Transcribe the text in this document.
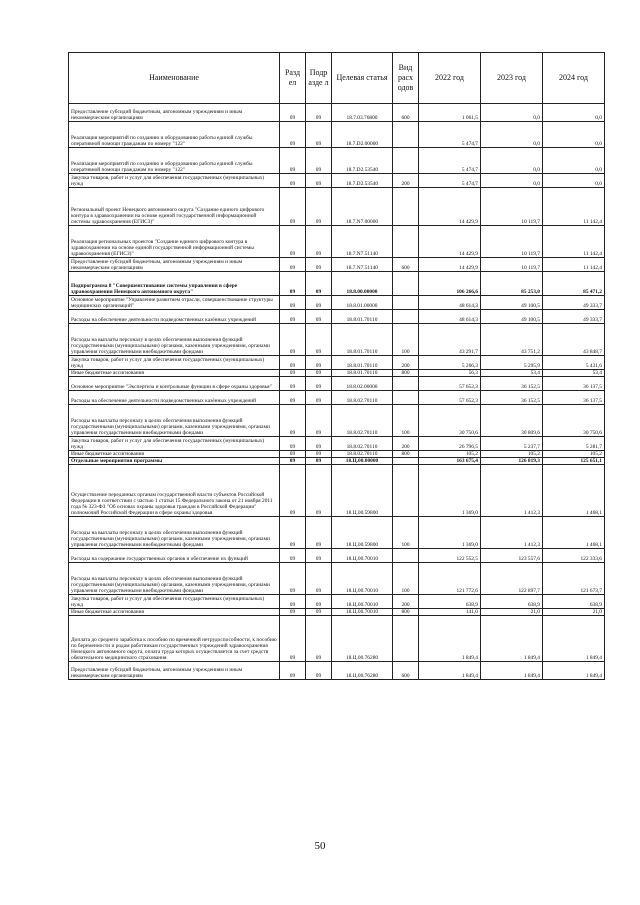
Наименование	Разд ел	Подр азде л	Целевая статья	Вид расх одов	2022 год	2023 год	2024 год
Предоставление субсидий бюджетным, автономным учреждениям и иным некоммерческим организациям	09	09	18.7.03.76800	600	1 061,5	0,0	0,0
Реализация мероприятий по созданию и оборудованию работы единой службы оперативной помощи гражданам по номеру "122"	09	09	18.7.D2.00000		5 474,7	0,0	0,0
Реализация мероприятий по созданию и оборудованию работы единой службы оперативной помощи гражданам по номеру "122"	09	09	18.7.D2.53540		5 474,7	0,0	0,0
Закупка товаров, работ и услуг для обеспечения государственных (муниципальных) нужд	09	09	18.7.D2.53540	200	5 474,7	0,0	0,0
Региональный проект Ненецкого автономного округа "Создание единого цифрового контура в здравоохранении на основе единой государственной информационной системы здравоохранения (ЕГИСЗ)"	09	09	18.7.N7.00000		14 429,9	10 119,7	11 142,4
Реализация региональных проектов "Создание единого цифрового контура в здравоохранении на основе единой государственной информационной системы здравоохранения (ЕГИСЗ)"	09	09	18.7.N7.51140		14 429,9	10 119,7	11 142,4
Предоставление субсидий бюджетным, автономным учреждениям и иным некоммерческим организациям	09	09	18.7.N7.51140	600	14 429,9	10 119,7	11 142,4
Подпрограмма 8 "Совершенствование системы управления в сфере здравоохранения Ненецкого автономного округа"	09	09	18.8.00.00000		106 266,6	85 253,0	85 471,2
Основное мероприятие "Управление развитием отрасли, совершенствование структуры медицинских организаций"	09	09	18.8.01.00000		48 614,3	49 100,5	49 333,7
Расходы на обеспечение деятельности подведомственных казённых учреждений	09	09	18.8.01.70110		48 614,3	49 100,5	49 333,7
Расходы на выплаты персоналу в целях обеспечения выполнения функций государственными (муниципальными) органами, казенными учреждениями, органами управления государственными внебюджетными фондами	09	09	18.8.01.70110	100	43 291,7	43 751,2	43 848,7
Закупка товаров, работ и услуг для обеспечения государственных (муниципальных) нужд	09	09	18.8.01.70110	200	5 266,3	5 295,9	5 431,6
Иные бюджетные ассигнования	09	09	18.8.01.70110	800	56,3	53,4	53,4
Основное мероприятие "Экспертиза и контрольные функции в сфере охраны здоровья"	09	09	18.8.02.00000		57 652,3	36 152,5	36 137,5
Расходы на обеспечение деятельности подведомственных казённых учреждений	09	09	18.8.02.70110		57 652,3	36 152,5	36 137,5
Расходы на выплаты персоналу в целях обеспечения выполнения функций государственными (муниципальными) органами, казенными учреждениями, органами управления государственными внебюджетными фондами	09	09	18.8.02.70110	100	30 750,6	30 809,6	30 750,6
Закупка товаров, работ и услуг для обеспечения государственных (муниципальных) нужд	09	09	18.8.02.70110	200	26 796,5	5 237,7	5 281,7
Иные бюджетные ассигнования	09	09	18.8.02.70110	800	105,2	105,2	105,2
Отдельные мероприятия программы	09	09	18.Ц.00.00000		163 675,4	126 819,3	125 651,1
Осуществление переданных органам государственной власти субъектов Российской Федерации в соответствии с частью 1 статьи 15 Федерального закона от 21 ноября 2011 года № 323-ФЗ "Об основах охраны здоровья граждан в Российской Федерации" полномочий Российской Федерации в сфере охраны здоровья	09	09	18.Ц.00.59800		1 369,0	1 412,3	1 468,1
Расходы на выплаты персоналу в целях обеспечения выполнения функций государственными (муниципальными) органами, казенными учреждениями, органами управления государственными внебюджетными фондами	09	09	18.Ц.00.59800	100	1 369,0	1 412,3	1 468,1
Расходы на содержание государственных органов и обеспечение их функций	09	09	18.Ц.00.70010		122 552,5	123 557,6	122 333,6
Расходы на выплаты персоналу в целях обеспечения выполнения функций государственными (муниципальными) органами, казенными учреждениями, органами управления государственными внебюджетными фондами	09	09	18.Ц.00.70010	100	121 772,6	122 897,7	121 673,7
Закупка товаров, работ и услуг для обеспечения государственных (муниципальных) нужд	09	09	18.Ц.00.70010	200	638,9	638,9	638,9
Иные бюджетные ассигнования	09	09	18.Ц.00.70010	800	141,0	21,0	21,0
Доплата до среднего заработка к пособию по временной нетрудоспособности, к пособию по беременности и родам работникам государственных учреждений здравоохранения Ненецкого автономного округа, оплата труда которых осуществляется за счет средств обязательного медицинского страхования	09	09	18.Ц.00.76280		1 849,4	1 849,4	1 849,4
Предоставление субсидий бюджетным, автономным учреждениям и иным некоммерческим организациям	09	09	18.Ц.00.76280	600	1 849,4	1 849,4	1 849,4
50
